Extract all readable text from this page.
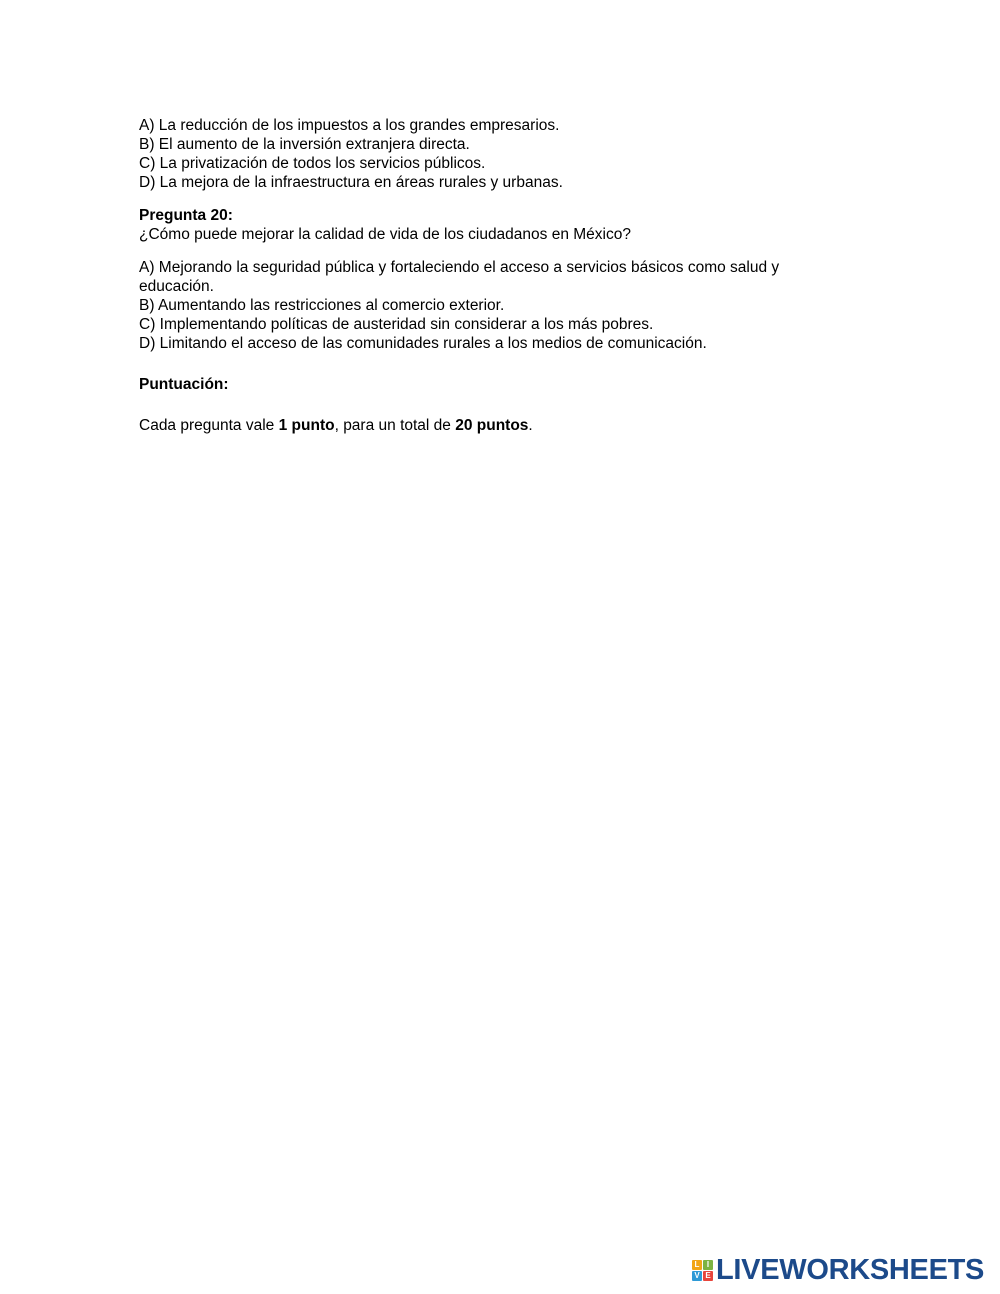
A) La reducción de los impuestos a los grandes empresarios.
B) El aumento de la inversión extranjera directa.
C) La privatización de todos los servicios públicos.
D) La mejora de la infraestructura en áreas rurales y urbanas.
Pregunta 20:
¿Cómo puede mejorar la calidad de vida de los ciudadanos en México?
A) Mejorando la seguridad pública y fortaleciendo el acceso a servicios básicos como salud y educación.
B) Aumentando las restricciones al comercio exterior.
C) Implementando políticas de austeridad sin considerar a los más pobres.
D) Limitando el acceso de las comunidades rurales a los medios de comunicación.
Puntuación:
Cada pregunta vale 1 punto, para un total de 20 puntos.
L I
V E LIVEWORKSHEETS
